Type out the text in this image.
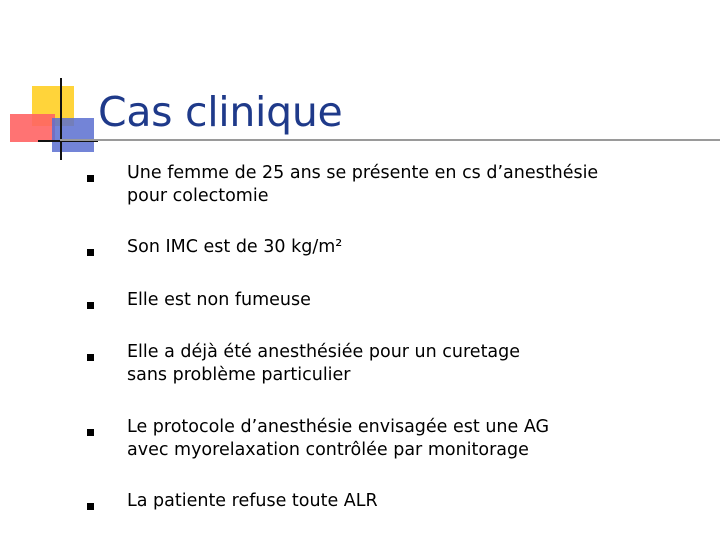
Cas clinique
Une femme de 25 ans se présente en cs d’anesthésie
pour colectomie
Son IMC est de 30 kg/m²
Elle est non fumeuse
Elle a déjà été anesthésiée pour un curetage
sans problème particulier
Le protocole d’anesthésie envisagée est une AG
avec myorelaxation contrôlée par monitorage
La patiente refuse toute ALR
